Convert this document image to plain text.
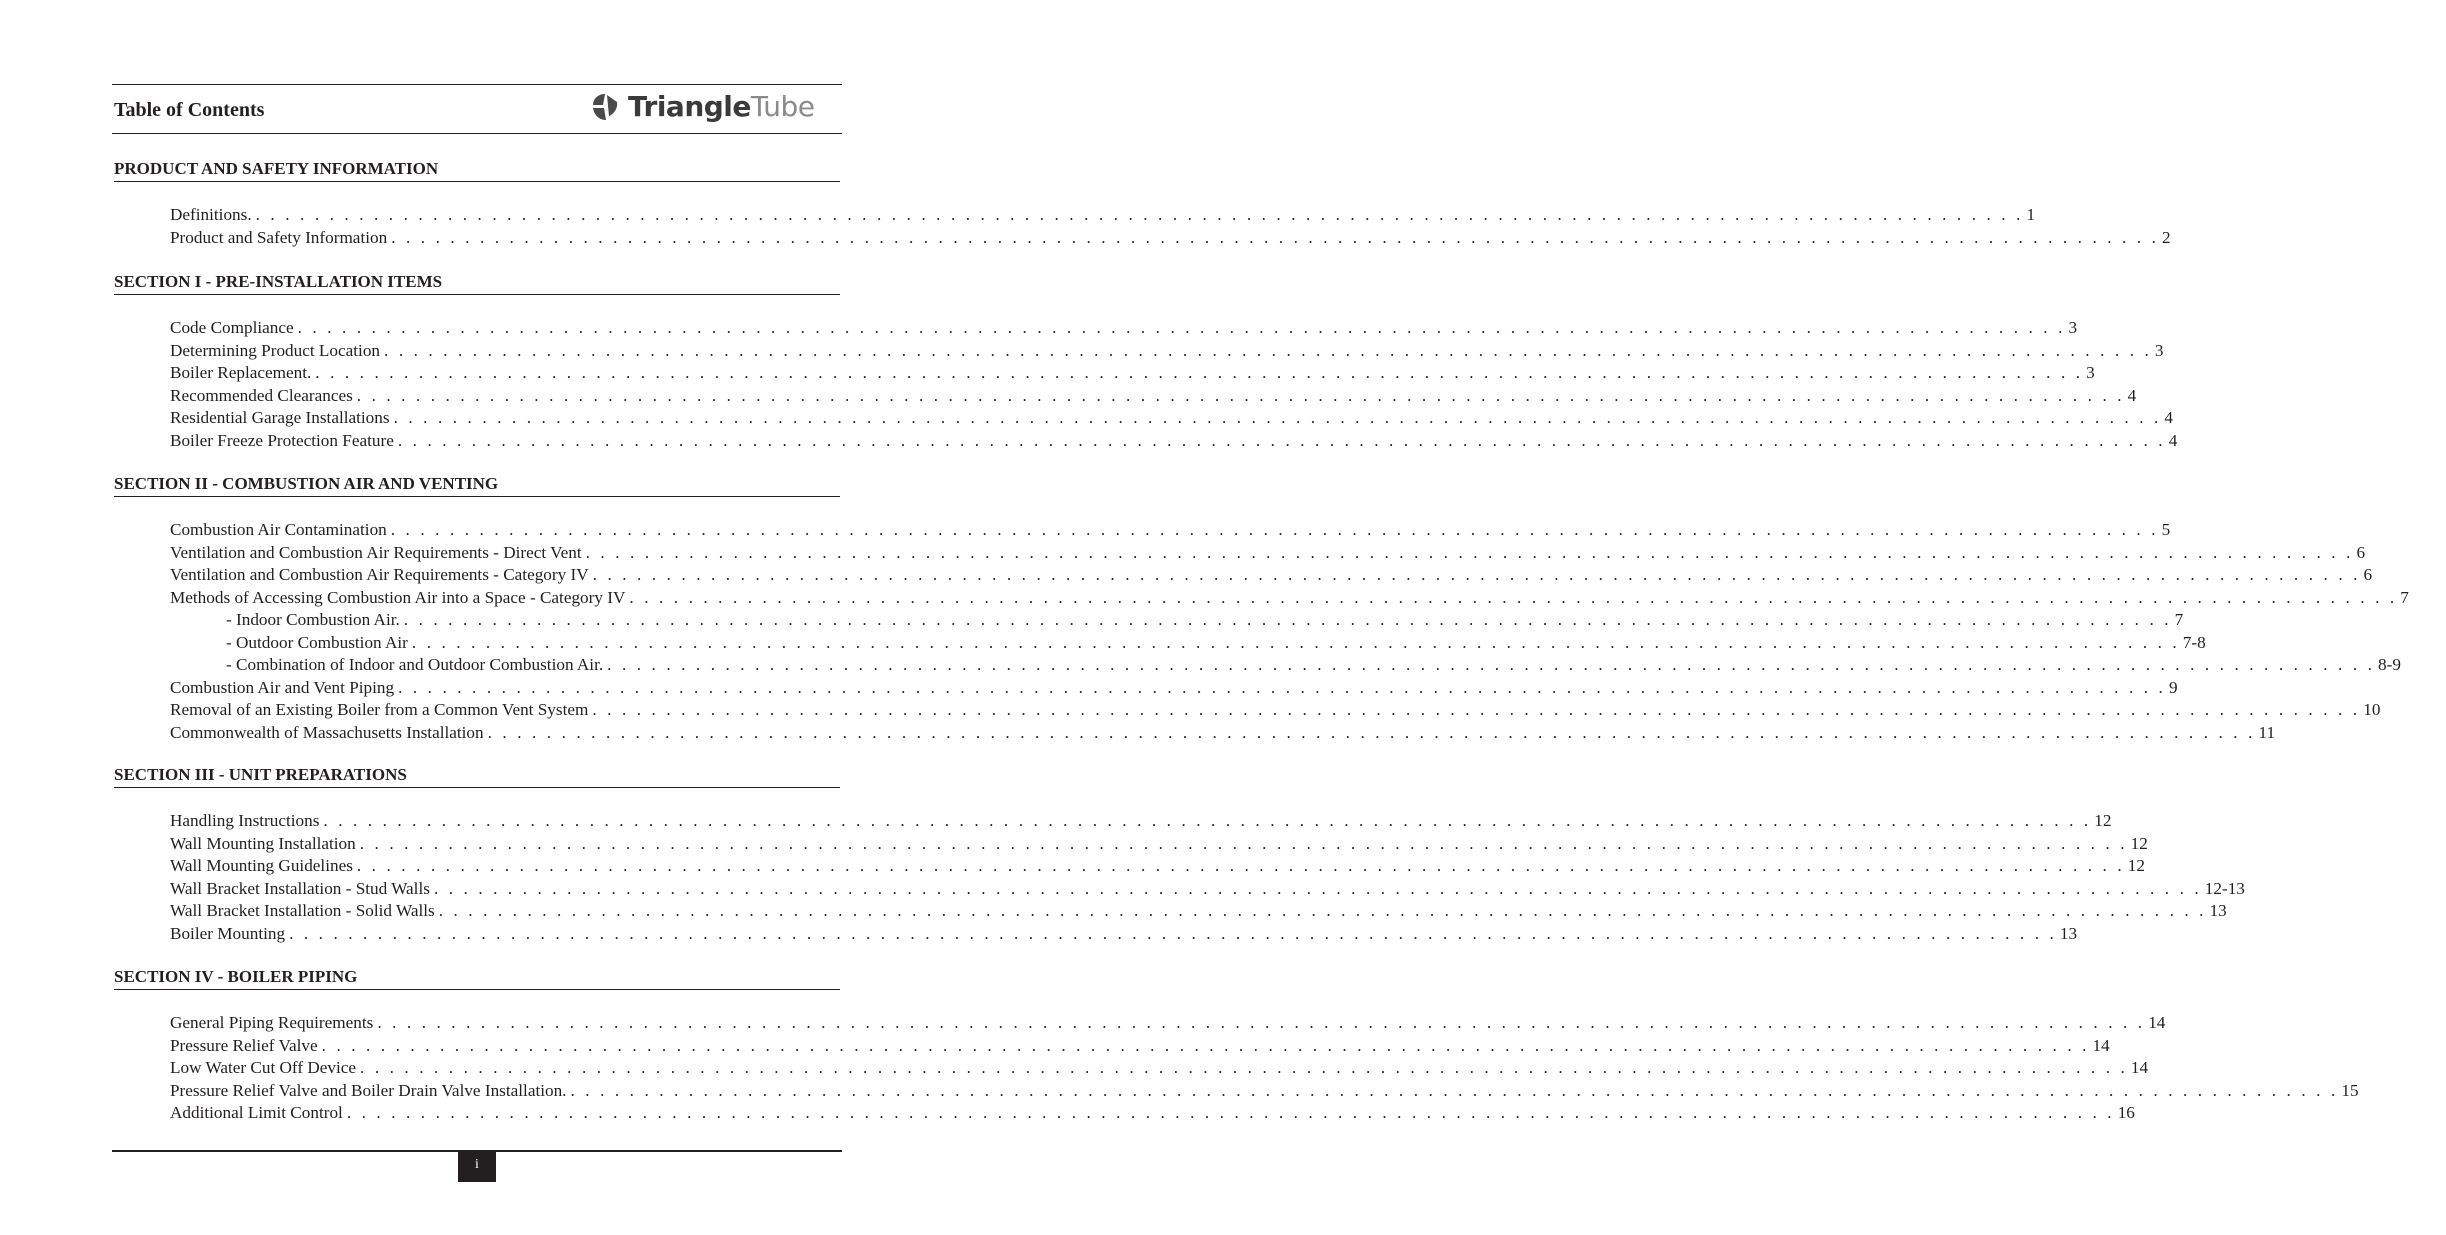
Table of Contents	Triangle Tube
PRODUCT AND SAFETY INFORMATION
Definitions. . . . . . . . . . . . . . . . . . . . . . . . . . . . . . . . . . . . . . . . . . . . . . . . . . . . . . . . . . . . . . . . . . . . . . . . . . . . . . . . . . . . . . . . . . . . . . . . . . . . . . . . . . . . . . . . . . . . . . . . . 1
Product and Safety Information . . . . . . . . . . . . . . . . . . . . . . . . . . . . . . . . . . . . . . . . . . . . . . . . . . . . . . . . . . . . . . . . . . . . . . . . . . . . . . . . . . . . . . . . . . . . . . . . . . . . . . . . . . . . . . . . . . . . . . . . 2
SECTION I - PRE-INSTALLATION ITEMS
Code Compliance . . . . . . . . . . . . . . . . . . . . . . . . . . . . . . . . . . . . . . . . . . . . . . . . . . . . . . . . . . . . . . . . . . . . . . . . . . . . . . . . . . . . . . . . . . . . . . . . . . . . . . . . . . . . . . . . . . . . . . . . 3
Determining Product Location . . . . . . . . . . . . . . . . . . . . . . . . . . . . . . . . . . . . . . . . . . . . . . . . . . . . . . . . . . . . . . . . . . . . . . . . . . . . . . . . . . . . . . . . . . . . . . . . . . . . . . . . . . . . . . . . . . . . . . . . 3
Boiler Replacement. . . . . . . . . . . . . . . . . . . . . . . . . . . . . . . . . . . . . . . . . . . . . . . . . . . . . . . . . . . . . . . . . . . . . . . . . . . . . . . . . . . . . . . . . . . . . . . . . . . . . . . . . . . . . . . . . . . . . . . . . 3
Recommended Clearances . . . . . . . . . . . . . . . . . . . . . . . . . . . . . . . . . . . . . . . . . . . . . . . . . . . . . . . . . . . . . . . . . . . . . . . . . . . . . . . . . . . . . . . . . . . . . . . . . . . . . . . . . . . . . . . . . . . . . . . . 4
Residential Garage Installations . . . . . . . . . . . . . . . . . . . . . . . . . . . . . . . . . . . . . . . . . . . . . . . . . . . . . . . . . . . . . . . . . . . . . . . . . . . . . . . . . . . . . . . . . . . . . . . . . . . . . . . . . . . . . . . . . . . . . . . . 4
Boiler Freeze Protection Feature . . . . . . . . . . . . . . . . . . . . . . . . . . . . . . . . . . . . . . . . . . . . . . . . . . . . . . . . . . . . . . . . . . . . . . . . . . . . . . . . . . . . . . . . . . . . . . . . . . . . . . . . . . . . . . . . . . . . . . . . 4
SECTION II - COMBUSTION AIR AND VENTING
Combustion Air Contamination . . . . . . . . . . . . . . . . . . . . . . . . . . . . . . . . . . . . . . . . . . . . . . . . . . . . . . . . . . . . . . . . . . . . . . . . . . . . . . . . . . . . . . . . . . . . . . . . . . . . . . . . . . . . . . . . . . . . . . . . 5
Ventilation and Combustion Air Requirements - Direct Vent . . . . . . . . . . . . . . . . . . . . . . . . . . . . . . . . . . . . . . . . . . . . . . . . . . . . . . . . . . . . . . . . . . . . . . . . . . . . . . . . . . . . . . . . . . . . . . . . . . . . . . . . . . . . . . . . . . . . . . . . 6
Ventilation and Combustion Air Requirements - Category IV . . . . . . . . . . . . . . . . . . . . . . . . . . . . . . . . . . . . . . . . . . . . . . . . . . . . . . . . . . . . . . . . . . . . . . . . . . . . . . . . . . . . . . . . . . . . . . . . . . . . . . . . . . . . . . . . . . . . . . . . 6
Methods of Accessing Combustion Air into a Space - Category IV . . . . . . . . . . . . . . . . . . . . . . . . . . . . . . . . . . . . . . . . . . . . . . . . . . . . . . . . . . . . . . . . . . . . . . . . . . . . . . . . . . . . . . . . . . . . . . . . . . . . . . . . . . . . . . . . . . . . . . . . 7
- Indoor Combustion Air. . . . . . . . . . . . . . . . . . . . . . . . . . . . . . . . . . . . . . . . . . . . . . . . . . . . . . . . . . . . . . . . . . . . . . . . . . . . . . . . . . . . . . . . . . . . . . . . . . . . . . . . . . . . . . . . . . . . . . . . . 7
- Outdoor Combustion Air . . . . . . . . . . . . . . . . . . . . . . . . . . . . . . . . . . . . . . . . . . . . . . . . . . . . . . . . . . . . . . . . . . . . . . . . . . . . . . . . . . . . . . . . . . . . . . . . . . . . . . . . . . . . . . . . . . . . . . . . 7-8
- Combination of Indoor and Outdoor Combustion Air. . . . . . . . . . . . . . . . . . . . . . . . . . . . . . . . . . . . . . . . . . . . . . . . . . . . . . . . . . . . . . . . . . . . . . . . . . . . . . . . . . . . . . . . . . . . . . . . . . . . . . . . . . . . . . . . . . . . . . . . . 8-9
Combustion Air and Vent Piping . . . . . . . . . . . . . . . . . . . . . . . . . . . . . . . . . . . . . . . . . . . . . . . . . . . . . . . . . . . . . . . . . . . . . . . . . . . . . . . . . . . . . . . . . . . . . . . . . . . . . . . . . . . . . . . . . . . . . . . . 9
Removal of an Existing Boiler from a Common Vent System . . . . . . . . . . . . . . . . . . . . . . . . . . . . . . . . . . . . . . . . . . . . . . . . . . . . . . . . . . . . . . . . . . . . . . . . . . . . . . . . . . . . . . . . . . . . . . . . . . . . . . . . . . . . . . . . . . . . . . . . 10
Commonwealth of Massachusetts Installation . . . . . . . . . . . . . . . . . . . . . . . . . . . . . . . . . . . . . . . . . . . . . . . . . . . . . . . . . . . . . . . . . . . . . . . . . . . . . . . . . . . . . . . . . . . . . . . . . . . . . . . . . . . . . . . . . . . . . . . . 11
SECTION III - UNIT PREPARATIONS
Handling Instructions . . . . . . . . . . . . . . . . . . . . . . . . . . . . . . . . . . . . . . . . . . . . . . . . . . . . . . . . . . . . . . . . . . . . . . . . . . . . . . . . . . . . . . . . . . . . . . . . . . . . . . . . . . . . . . . . . . . . . . . . 12
Wall Mounting Installation . . . . . . . . . . . . . . . . . . . . . . . . . . . . . . . . . . . . . . . . . . . . . . . . . . . . . . . . . . . . . . . . . . . . . . . . . . . . . . . . . . . . . . . . . . . . . . . . . . . . . . . . . . . . . . . . . . . . . . . . 12
Wall Mounting Guidelines . . . . . . . . . . . . . . . . . . . . . . . . . . . . . . . . . . . . . . . . . . . . . . . . . . . . . . . . . . . . . . . . . . . . . . . . . . . . . . . . . . . . . . . . . . . . . . . . . . . . . . . . . . . . . . . . . . . . . . . . 12
Wall Bracket Installation - Stud Walls . . . . . . . . . . . . . . . . . . . . . . . . . . . . . . . . . . . . . . . . . . . . . . . . . . . . . . . . . . . . . . . . . . . . . . . . . . . . . . . . . . . . . . . . . . . . . . . . . . . . . . . . . . . . . . . . . . . . . . . . 12-13
Wall Bracket Installation - Solid Walls . . . . . . . . . . . . . . . . . . . . . . . . . . . . . . . . . . . . . . . . . . . . . . . . . . . . . . . . . . . . . . . . . . . . . . . . . . . . . . . . . . . . . . . . . . . . . . . . . . . . . . . . . . . . . . . . . . . . . . . . 13
Boiler Mounting . . . . . . . . . . . . . . . . . . . . . . . . . . . . . . . . . . . . . . . . . . . . . . . . . . . . . . . . . . . . . . . . . . . . . . . . . . . . . . . . . . . . . . . . . . . . . . . . . . . . . . . . . . . . . . . . . . . . . . . . 13
SECTION IV - BOILER PIPING
General Piping Requirements . . . . . . . . . . . . . . . . . . . . . . . . . . . . . . . . . . . . . . . . . . . . . . . . . . . . . . . . . . . . . . . . . . . . . . . . . . . . . . . . . . . . . . . . . . . . . . . . . . . . . . . . . . . . . . . . . . . . . . . . 14
Pressure Relief Valve . . . . . . . . . . . . . . . . . . . . . . . . . . . . . . . . . . . . . . . . . . . . . . . . . . . . . . . . . . . . . . . . . . . . . . . . . . . . . . . . . . . . . . . . . . . . . . . . . . . . . . . . . . . . . . . . . . . . . . . . 14
Low Water Cut Off Device . . . . . . . . . . . . . . . . . . . . . . . . . . . . . . . . . . . . . . . . . . . . . . . . . . . . . . . . . . . . . . . . . . . . . . . . . . . . . . . . . . . . . . . . . . . . . . . . . . . . . . . . . . . . . . . . . . . . . . . . 14
Pressure Relief Valve and Boiler Drain Valve Installation. . . . . . . . . . . . . . . . . . . . . . . . . . . . . . . . . . . . . . . . . . . . . . . . . . . . . . . . . . . . . . . . . . . . . . . . . . . . . . . . . . . . . . . . . . . . . . . . . . . . . . . . . . . . . . . . . . . . . . . . . 15
Additional Limit Control . . . . . . . . . . . . . . . . . . . . . . . . . . . . . . . . . . . . . . . . . . . . . . . . . . . . . . . . . . . . . . . . . . . . . . . . . . . . . . . . . . . . . . . . . . . . . . . . . . . . . . . . . . . . . . . . . . . . . . . . 16
i
